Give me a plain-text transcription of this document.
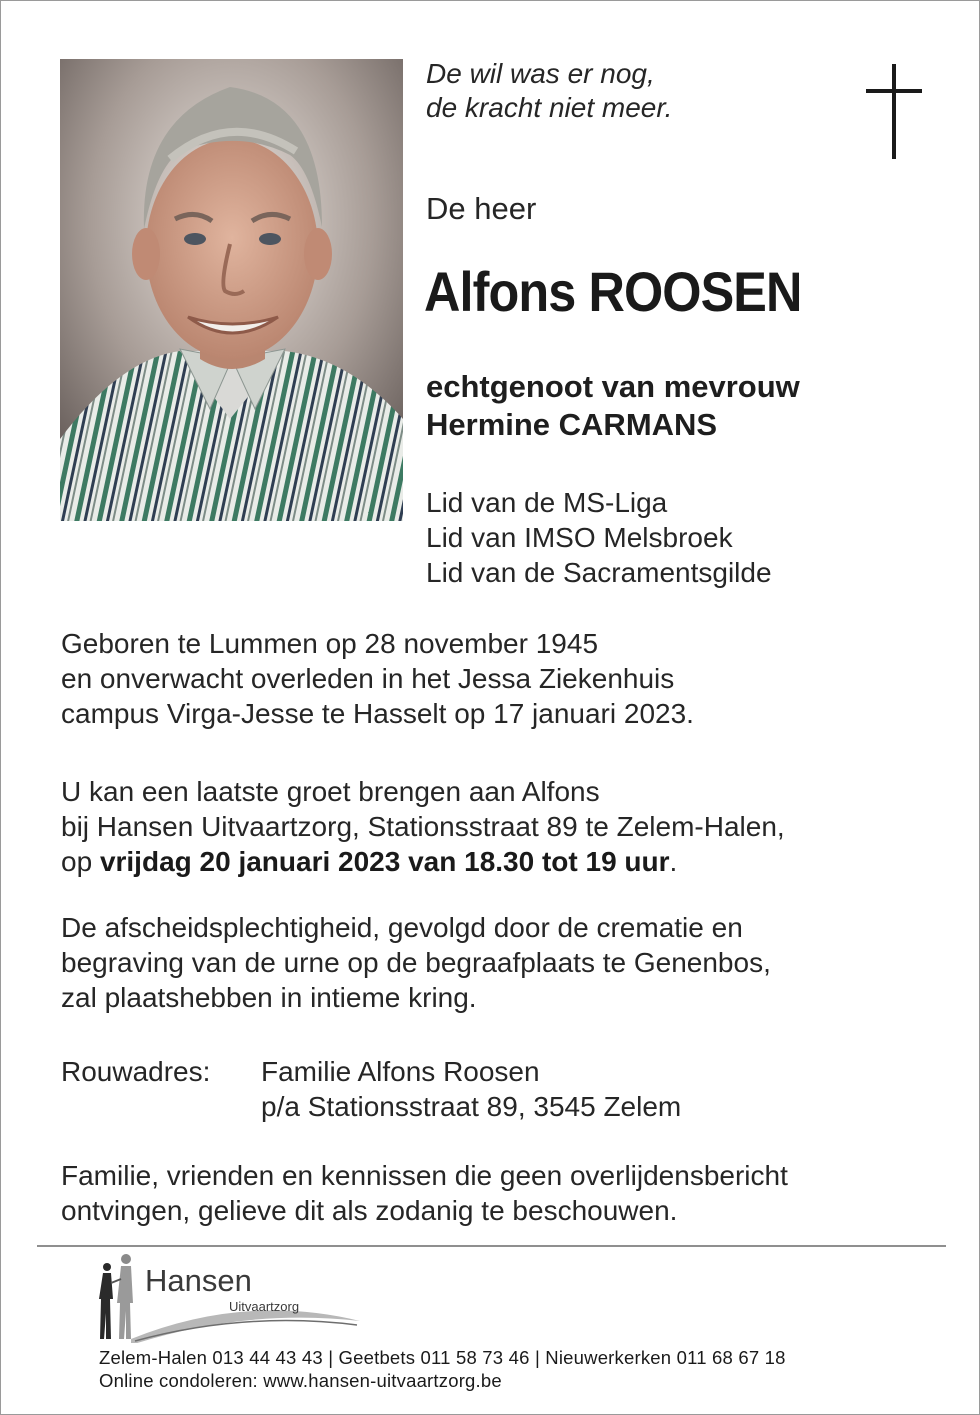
De wil was er nog,
de kracht niet meer.
De heer
Alfons ROOSEN
echtgenoot van mevrouw
Hermine CARMANS
Lid van de MS-Liga
Lid van IMSO Melsbroek
Lid van de Sacramentsgilde
Geboren te Lummen op 28 november 1945
en onverwacht overleden in het Jessa Ziekenhuis
campus Virga-Jesse te Hasselt op 17 januari 2023.
U kan een laatste groet brengen aan Alfons
bij Hansen Uitvaartzorg, Stationsstraat 89 te Zelem-Halen,
op vrijdag 20 januari 2023 van 18.30 tot 19 uur.
De afscheidsplechtigheid, gevolgd door de crematie en
begraving van de urne op de begraafplaats te Genenbos,
zal plaatshebben in intieme kring.
Rouwadres: Familie Alfons Roosen
p/a Stationsstraat 89, 3545 Zelem
Familie, vrienden en kennissen die geen overlijdensbericht
ontvingen, gelieve dit als zodanig te beschouwen.
Hansen
Uitvaartzorg
Zelem-Halen 013 44 43 43 | Geetbets 011 58 73 46 | Nieuwerkerken 011 68 67 18
Online condoleren: www.hansen-uitvaartzorg.be
